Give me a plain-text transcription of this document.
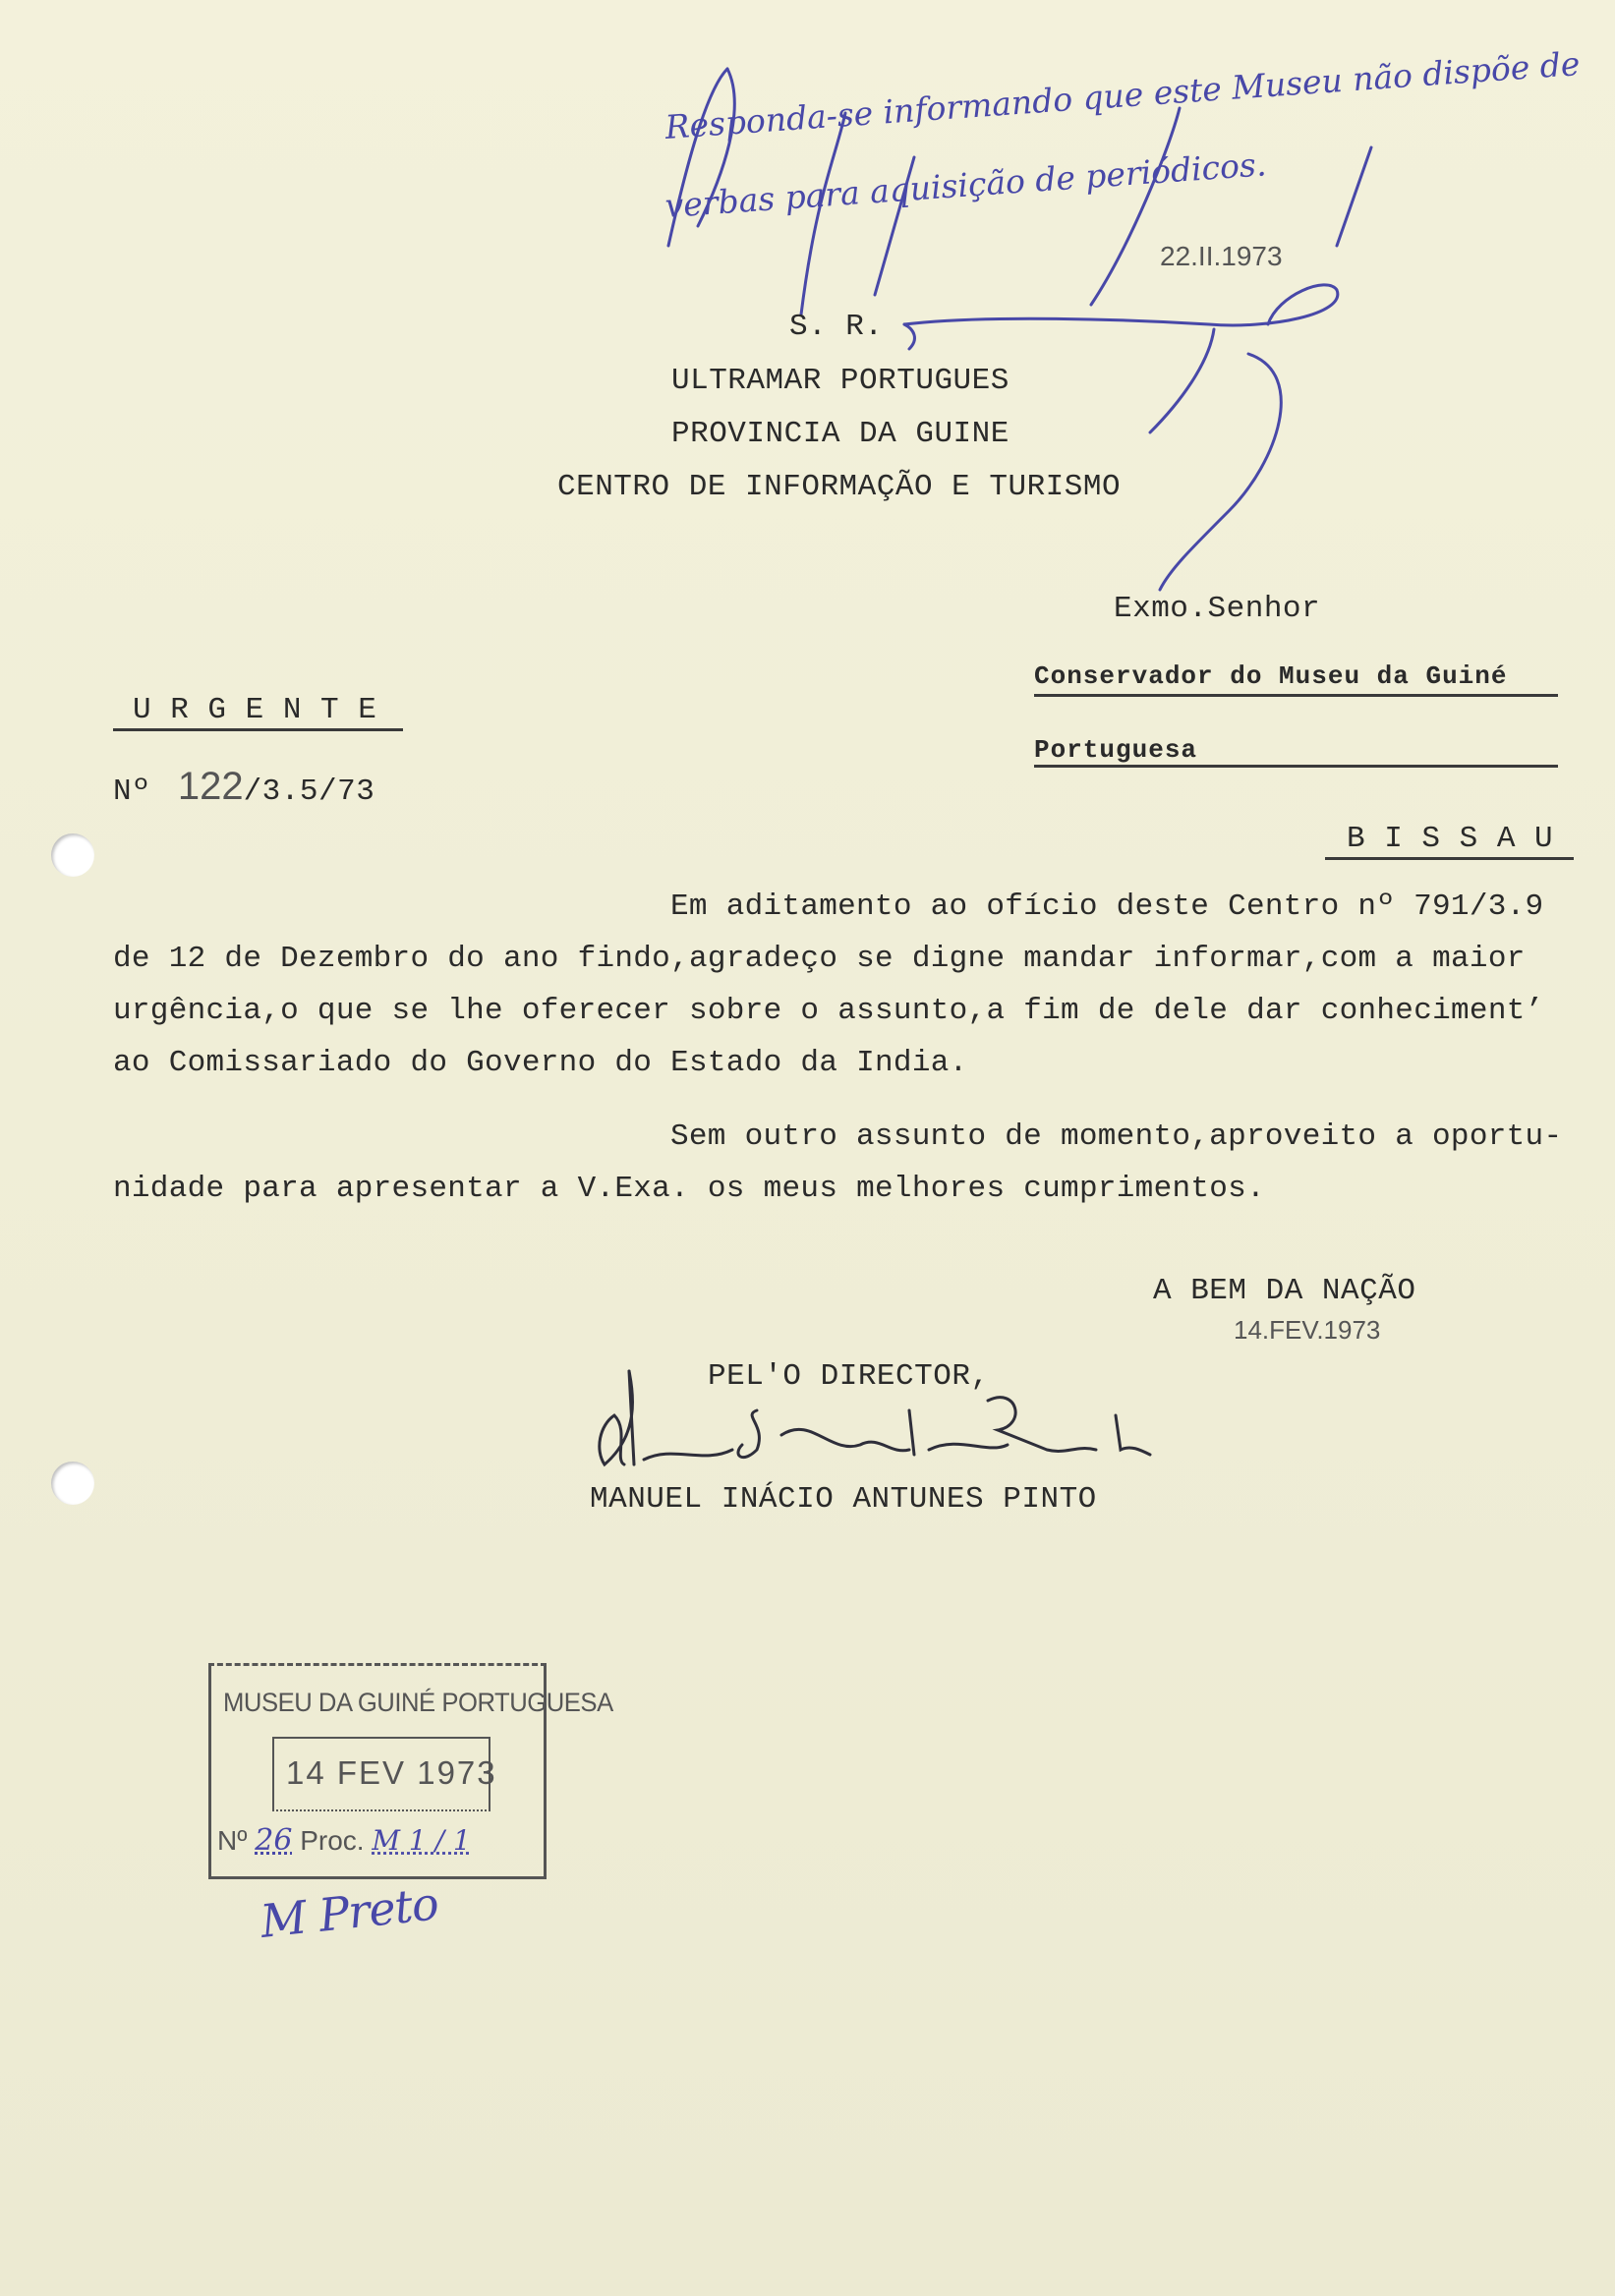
Responda-se informando que este Museu não dispõe de
verbas para aquisição de periódicos.
22.II.1973
S. R.
ULTRAMAR PORTUGUES
PROVINCIA DA GUINE
CENTRO DE INFORMAÇÃO E TURISMO
Exmo.Senhor
Conservador do Museu da Guiné
Portuguesa
B I S S A U
U R G E N T E
Nº 122/3.5/73
Em aditamento ao ofício deste Centro nº 791/3.9
de 12 de Dezembro do ano findo,agradeço se digne mandar informar,com a maior
urgência,o que se lhe oferecer sobre o assunto,a fim de dele dar conheciment’
ao Comissariado do Governo do Estado da India.
Sem outro assunto de momento,aproveito a oportu-
nidade para apresentar a V.Exa. os meus melhores cumprimentos.
A BEM DA NAÇÃO
14.FEV.1973
PEL'O DIRECTOR,
MANUEL INÁCIO ANTUNES PINTO
MUSEU DA GUINÉ PORTUGUESA
14 FEV 1973
Nº 26 Proc. M 1 / 1
M Preto
